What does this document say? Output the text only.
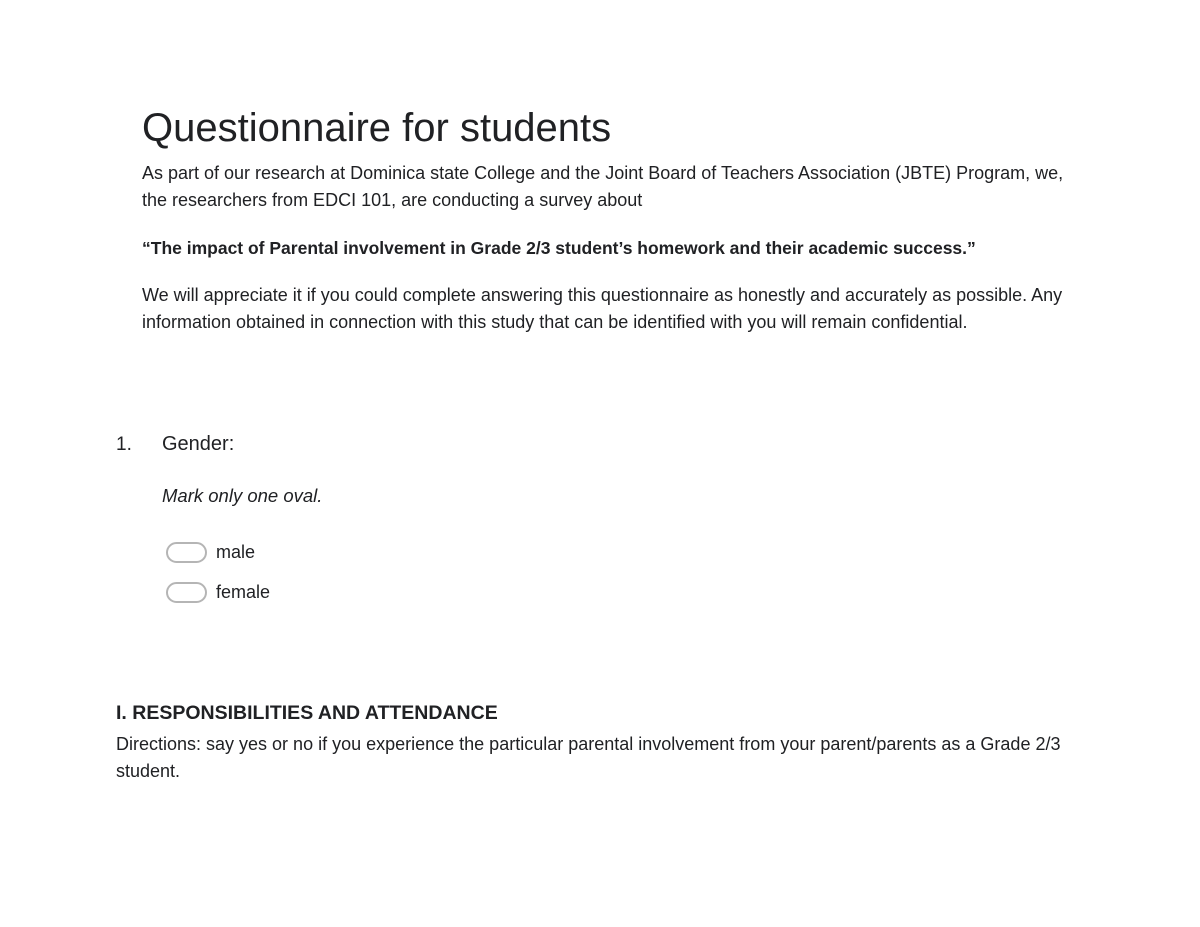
Questionnaire for students

As part of our research at Dominica state College and the Joint Board of Teachers Association (JBTE) Program, we, the researchers from EDCI 101, are conducting a survey about

“The impact of Parental involvement in Grade 2/3 student’s homework and their academic success.”

We will appreciate it if you could complete answering this questionnaire as honestly and accurately as possible. Any information obtained in connection with this study that can be identified with you will remain confidential.

1. Gender:
Mark only one oval.
male
female
I. RESPONSIBILITIES AND ATTENDANCE

Directions: say yes or no if you experience the particular parental involvement from your parent/parents as a Grade 2/3 student.
